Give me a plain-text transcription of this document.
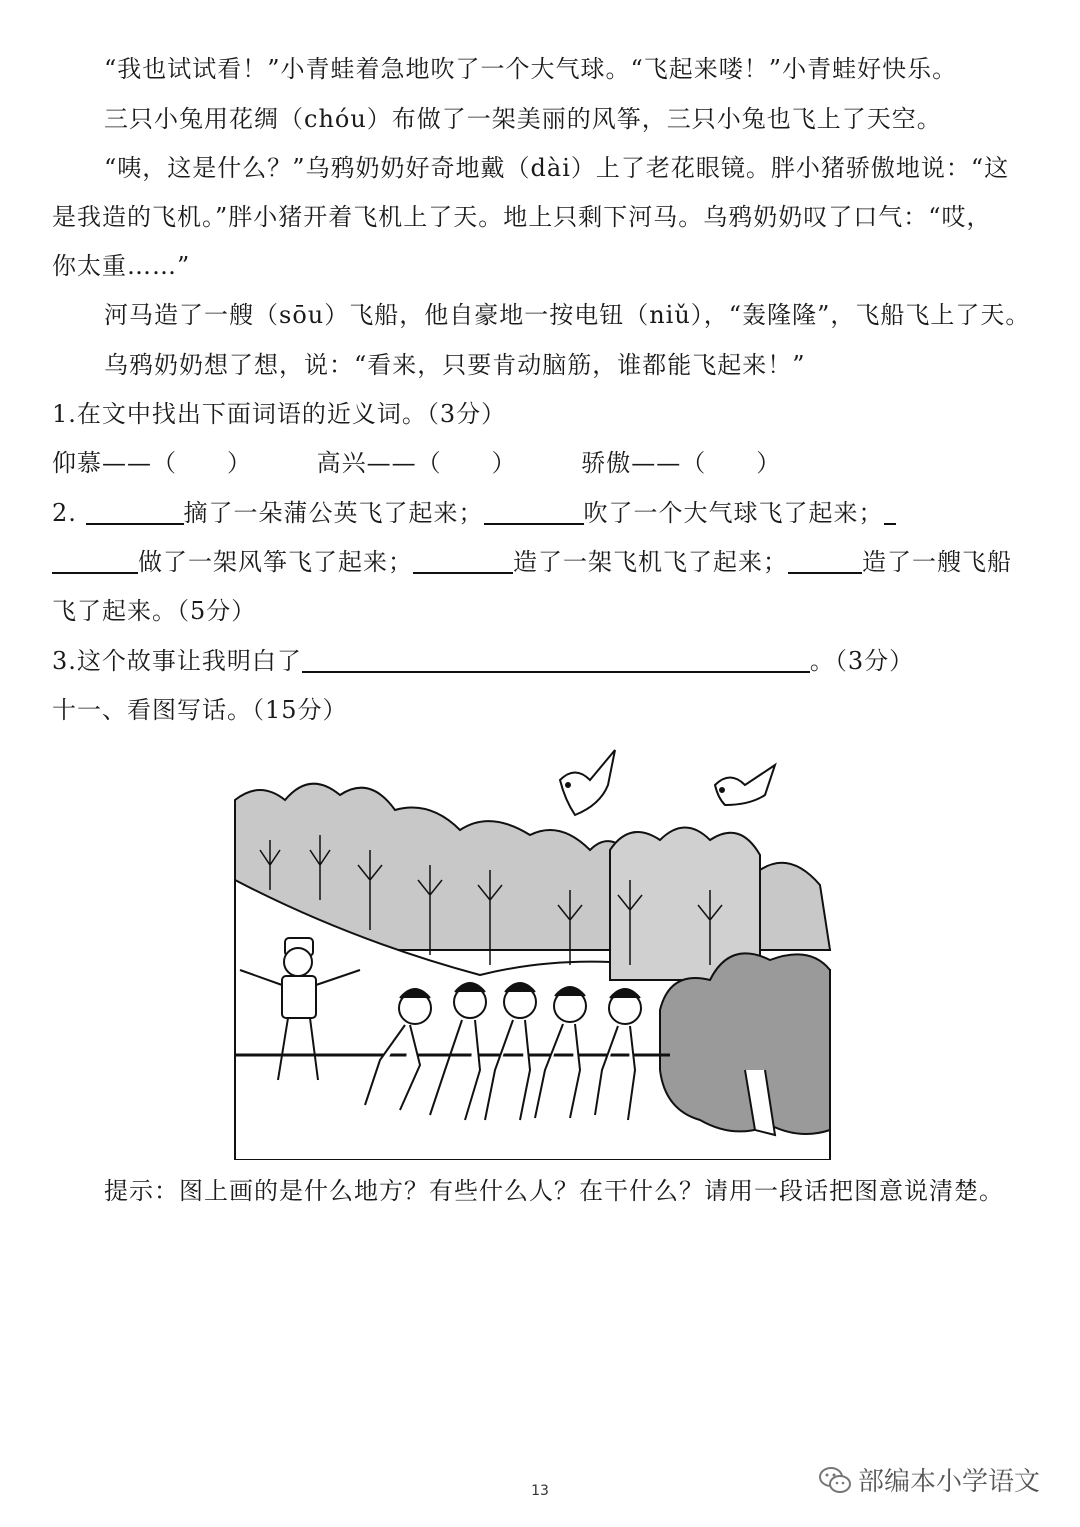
“我也试试看！”小青蛙着急地吹了一个大气球。“飞起来喽！”小青蛙好快乐。
三只小兔用花绸（chóu）布做了一架美丽的风筝，三只小兔也飞上了天空。
“咦，这是什么？”乌鸦奶奶好奇地戴（dài）上了老花眼镜。胖小猪骄傲地说：“这
是我造的飞机。”胖小猪开着飞机上了天。地上只剩下河马。乌鸦奶奶叹了口气：“哎，
你太重……”
河马造了一艘（sōu）飞船，他自豪地一按电钮（niǔ），“轰隆隆”，飞船飞上了天。
乌鸦奶奶想了想，说：“看来，只要肯动脑筋，谁都能飞起来！”
1.在文中找出下面词语的近义词。（3分）
仰慕——（　　）	高兴——（　　）	骄傲——（　　）
2.	摘了一朵蒲公英飞了起来；	吹了一个大气球飞了起来；
做了一架风筝飞了起来；	造了一架飞机飞了起来；	造了一艘飞船
飞了起来。（5分）
3.这个故事让我明白了	。（3分）
十一、看图写话。（15分）
提示：图上画的是什么地方？有些什么人？在干什么？请用一段话把图意说清楚。
13	部编本小学语文
